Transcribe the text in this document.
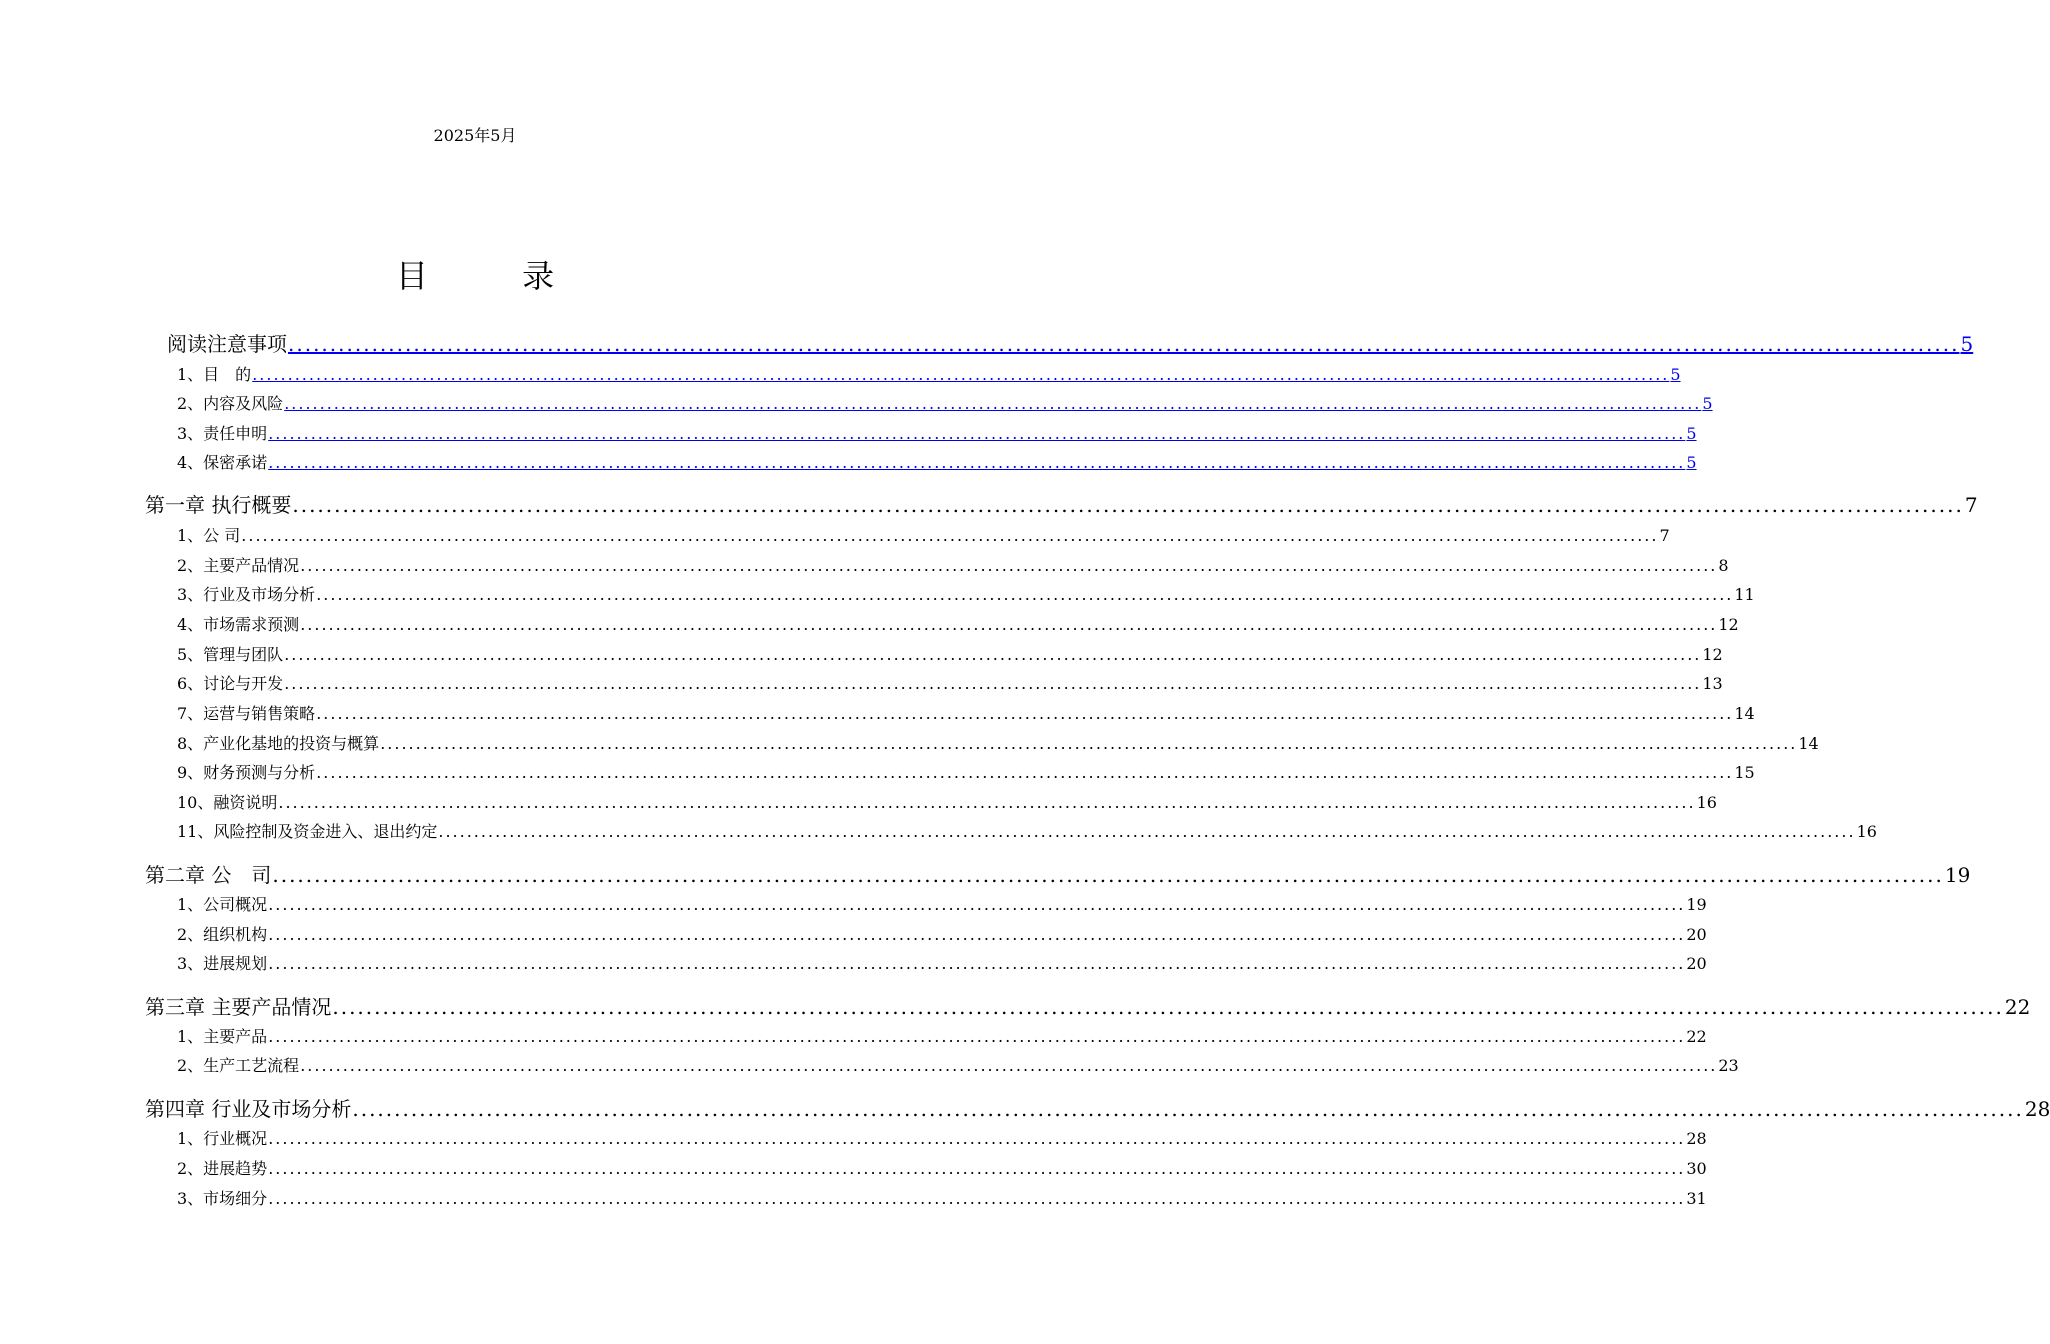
2025年5月
目 录
阅读注意事项 ........................................................................................................................................................................................................ 5
1、目　的 ........................................................................................................................................................................................................ 5
2、内容及风险 ........................................................................................................................................................................................................ 5
3、责任申明 ........................................................................................................................................................................................................ 5
4、保密承诺 ........................................................................................................................................................................................................ 5
第一章 执行概要 ........................................................................................................................................................................................................ 7
1、公 司 ........................................................................................................................................................................................................ 7
2、主要产品情况 ........................................................................................................................................................................................................ 8
3、行业及市场分析 ........................................................................................................................................................................................................ 11
4、市场需求预测 ........................................................................................................................................................................................................ 12
5、管理与团队 ........................................................................................................................................................................................................ 12
6、讨论与开发 ........................................................................................................................................................................................................ 13
7、运营与销售策略 ........................................................................................................................................................................................................ 14
8、产业化基地的投资与概算 ........................................................................................................................................................................................................ 14
9、财务预测与分析 ........................................................................................................................................................................................................ 15
10、融资说明 ........................................................................................................................................................................................................ 16
11、风险控制及资金进入、退出约定 ........................................................................................................................................................................................................ 16
第二章 公　司 ........................................................................................................................................................................................................ 19
1、公司概况 ........................................................................................................................................................................................................ 19
2、组织机构 ........................................................................................................................................................................................................ 20
3、进展规划 ........................................................................................................................................................................................................ 20
第三章 主要产品情况 ........................................................................................................................................................................................................ 22
1、主要产品 ........................................................................................................................................................................................................ 22
2、生产工艺流程 ........................................................................................................................................................................................................ 23
第四章 行业及市场分析 ........................................................................................................................................................................................................ 28
1、行业概况 ........................................................................................................................................................................................................ 28
2、进展趋势 ........................................................................................................................................................................................................ 30
3、市场细分 ........................................................................................................................................................................................................ 31
